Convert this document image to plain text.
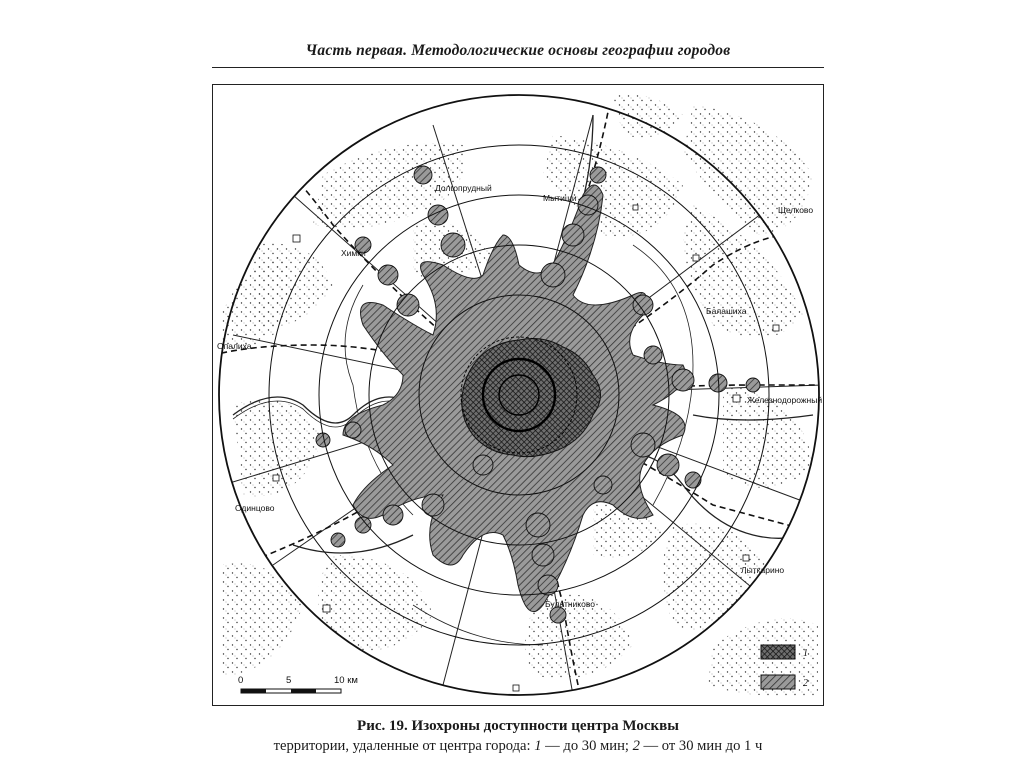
Часть первая. Методологические основы географии городов
Долгопрудный
Мытищи
Щелково
Химки
Балашиха
Опалиха
Железнодорожный
Одинцово
Лыткарино
Булатниково
0	5	10 км
1
2
Рис. 19. Изохроны доступности центра Москвы
территории, удаленные от центра города: 1 — до 30 мин; 2 — от 30 мин до 1 ч
